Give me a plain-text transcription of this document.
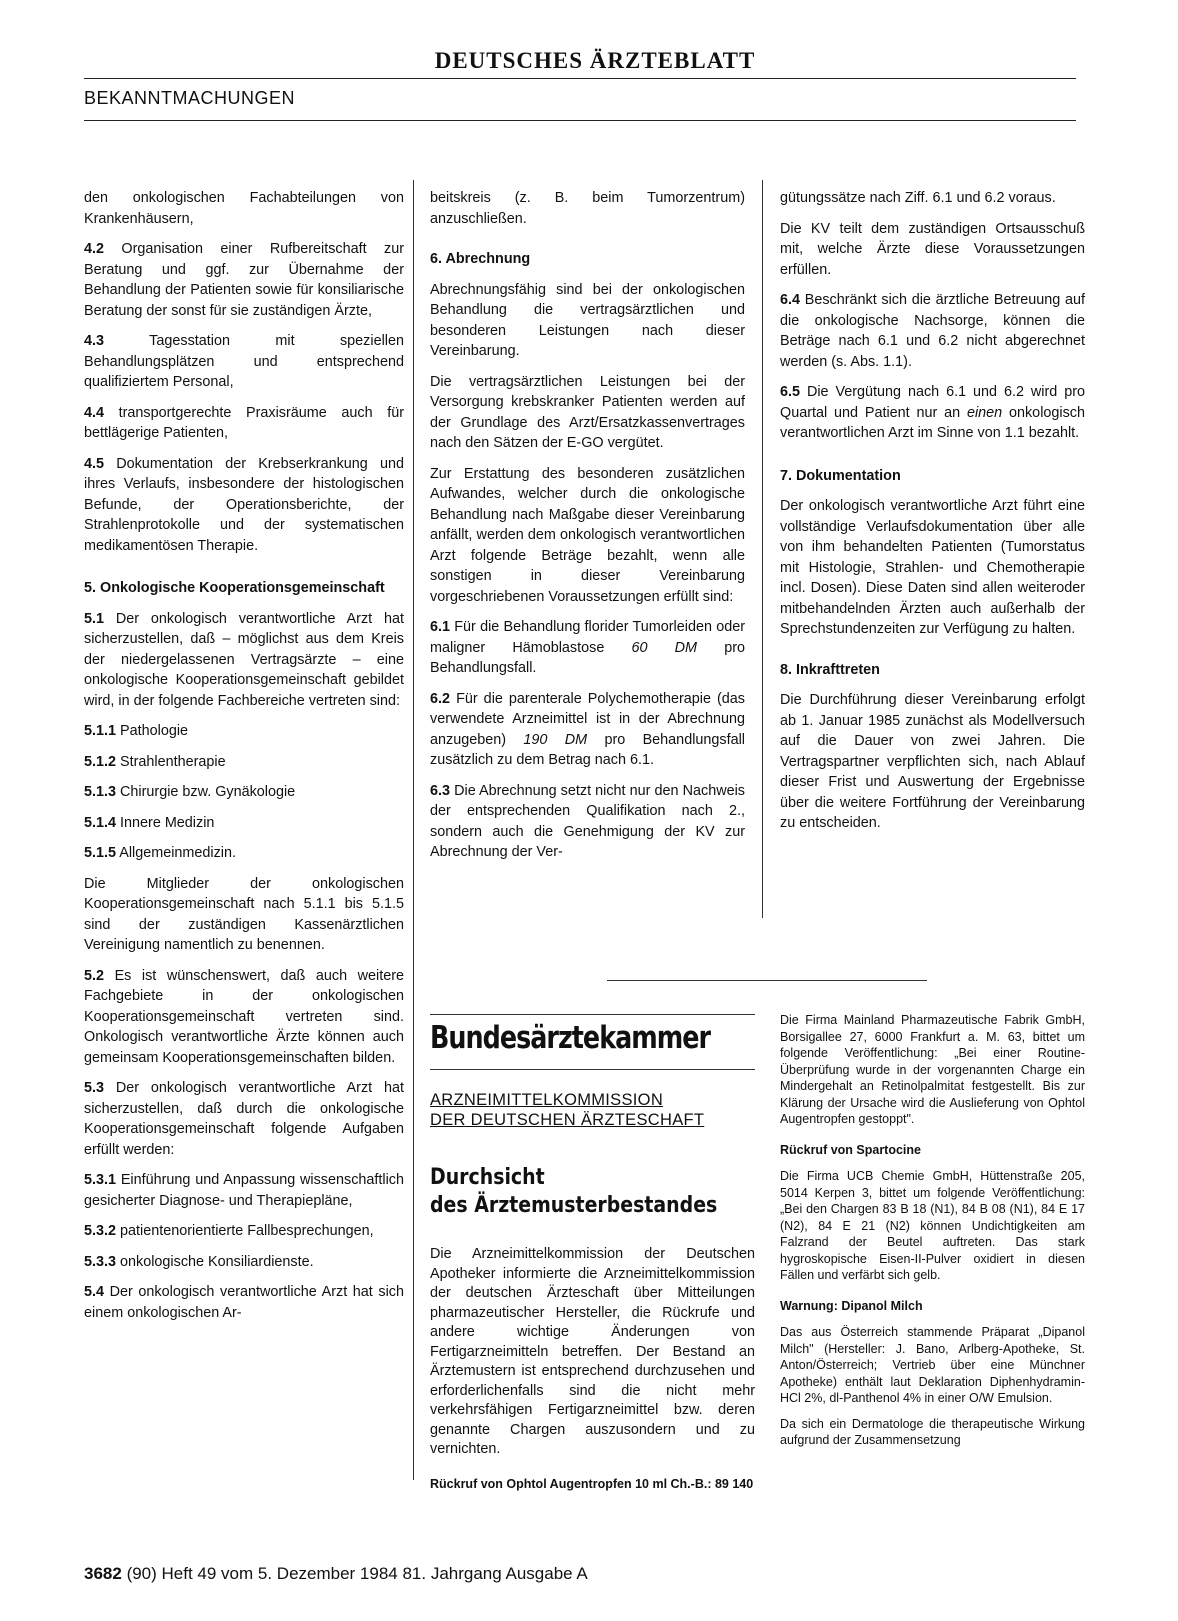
DEUTSCHES ÄRZTEBLATT
BEKANNTMACHUNGEN

den onkologischen Fachabteilungen von Krankenhäusern,

4.2 Organisation einer Rufbereitschaft zur Beratung und ggf. zur Übernahme der Behandlung der Patienten sowie für konsiliarische Beratung der sonst für sie zuständigen Ärzte,

4.3	Tagesstation mit speziellen Behandlungsplätzen und entsprechend qualifiziertem Personal,

4.4 transportgerechte Praxisräume auch für bettlägerige Patienten,

4.5 Dokumentation der Krebserkrankung und ihres Verlaufs, insbesondere der histologischen Befunde, der Operationsberichte, der Strahlenprotokolle und der systematischen medikamentösen Therapie.

5. Onkologische Kooperationsgemeinschaft

5.1 Der onkologisch verantwortliche Arzt hat sicherzustellen, daß – möglichst aus dem Kreis der niedergelassenen Vertragsärzte – eine onkologische Kooperationsgemeinschaft gebildet wird, in der folgende Fachbereiche vertreten sind:

5.1.1 Pathologie

5.1.2 Strahlentherapie

5.1.3 Chirurgie bzw. Gynäkologie

5.1.4 Innere Medizin

5.1.5 Allgemeinmedizin.

Die Mitglieder der onkologischen Kooperationsgemeinschaft nach 5.1.1 bis 5.1.5 sind der zuständigen Kassenärztlichen Vereinigung namentlich zu benennen.

5.2 Es ist wünschenswert, daß auch weitere Fachgebiete in der onkologischen Kooperationsgemeinschaft vertreten sind. Onkologisch verantwortliche Ärzte können auch gemeinsam Kooperationsgemeinschaften bilden.

5.3 Der onkologisch verantwortliche Arzt hat sicherzustellen, daß durch die onkologische Kooperationsgemeinschaft folgende Aufgaben erfüllt werden:

5.3.1 Einführung und Anpassung wissenschaftlich gesicherter Diagnose- und Therapiepläne,

5.3.2 patientenorientierte Fallbesprechungen,

5.3.3 onkologische Konsiliardienste.

5.4 Der onkologisch verantwortliche Arzt hat sich einem onkologischen Ar-

beitskreis (z. B. beim Tumorzentrum) anzuschließen.

6. Abrechnung

Abrechnungsfähig sind bei der onkologischen Behandlung die vertragsärztlichen und besonderen Leistungen nach dieser Vereinbarung.

Die vertragsärztlichen Leistungen bei der Versorgung krebskranker Patienten werden auf der Grundlage des Arzt/Ersatzkassenvertrages nach den Sätzen der E-GO vergütet.

Zur Erstattung des besonderen zusätzlichen Aufwandes, welcher durch die onkologische Behandlung nach Maßgabe dieser Vereinbarung anfällt, werden dem onkologisch verantwortlichen Arzt folgende Beträge bezahlt, wenn alle sonstigen in dieser Vereinbarung vorgeschriebenen Voraussetzungen erfüllt sind:

6.1 Für die Behandlung florider Tumorleiden oder maligner Hämoblastose 60 DM pro Behandlungsfall.

6.2 Für die parenterale Polychemotherapie (das verwendete Arzneimittel ist in der Abrechnung anzugeben) 190 DM pro Behandlungsfall zusätzlich zu dem Betrag nach 6.1.

6.3 Die Abrechnung setzt nicht nur den Nachweis der entsprechenden Qualifikation nach 2., sondern auch die Genehmigung der KV zur Abrechnung der Ver-

gütungssätze nach Ziff. 6.1 und 6.2 voraus.

Die KV teilt dem zuständigen Ortsausschuß mit, welche Ärzte diese Voraussetzungen erfüllen.

6.4 Beschränkt sich die ärztliche Betreuung auf die onkologische Nachsorge, können die Beträge nach 6.1 und 6.2 nicht abgerechnet werden (s. Abs. 1.1).

6.5 Die Vergütung nach 6.1 und 6.2 wird pro Quartal und Patient nur an einen onkologisch verantwortlichen Arzt im Sinne von 1.1 bezahlt.

7. Dokumentation

Der onkologisch verantwortliche Arzt führt eine vollständige Verlaufsdokumentation über alle von ihm behandelten Patienten (Tumorstatus mit Histologie, Strahlen- und Chemotherapie incl. Dosen). Diese Daten sind allen weiteroder mitbehandelnden Ärzten auch außerhalb der Sprechstundenzeiten zur Verfügung zu halten.

8. Inkrafttreten

Die Durchführung dieser Vereinbarung erfolgt ab 1. Januar 1985 zunächst als Modellversuch auf die Dauer von zwei Jahren. Die Vertragspartner verpflichten sich, nach Ablauf dieser Frist und Auswertung der Ergebnisse über die weitere Fortführung der Vereinbarung zu entscheiden.

Bundesärztekammer
ARZNEIMITTELKOMMISSION
DER DEUTSCHEN ÄRZTESCHAFT
Durchsicht
des Ärztemusterbestandes

Die Arzneimittelkommission der Deutschen Apotheker informierte die Arzneimittelkommission der deutschen Ärzteschaft über Mitteilungen pharmazeutischer Hersteller, die Rückrufe und andere wichtige Änderungen von Fertigarzneimitteln betreffen. Der Bestand an Ärztemustern ist entsprechend durchzusehen und erforderlichenfalls sind die nicht mehr verkehrsfähigen Fertigarzneimittel bzw. deren genannte Chargen auszusondern und zu vernichten.

Rückruf von Ophtol Augentropfen 10 ml Ch.-B.: 89 140

Die Firma Mainland Pharmazeutische Fabrik GmbH, Borsigallee 27, 6000 Frankfurt a. M. 63, bittet um folgende Veröffentlichung: „Bei einer Routine-Überprüfung wurde in der vorgenannten Charge ein Mindergehalt an Retinolpalmitat festgestellt. Bis zur Klärung der Ursache wird die Auslieferung von Ophtol Augentropfen gestoppt".

Rückruf von Spartocine

Die Firma UCB Chemie GmbH, Hüttenstraße 205, 5014 Kerpen 3, bittet um folgende Veröffentlichung: „Bei den Chargen 83 B 18 (N1), 84 B 08 (N1), 84 E 17 (N2), 84 E 21 (N2) können Undichtigkeiten am Falzrand der Beutel auftreten. Das stark hygroskopische Eisen-II-Pulver oxidiert in diesen Fällen und verfärbt sich gelb.

Warnung: Dipanol Milch

Das aus Österreich stammende Präparat „Dipanol Milch" (Hersteller: J. Bano, Arlberg-Apotheke, St. Anton/Österreich; Vertrieb über eine Münchner Apotheke) enthält laut Deklaration Diphenhydramin-HCl 2%, dl-Panthenol 4% in einer O/W Emulsion.

Da sich ein Dermatologe die therapeutische Wirkung aufgrund der Zusammensetzung

3682 (90) Heft 49 vom 5. Dezember 1984 81. Jahrgang Ausgabe A
